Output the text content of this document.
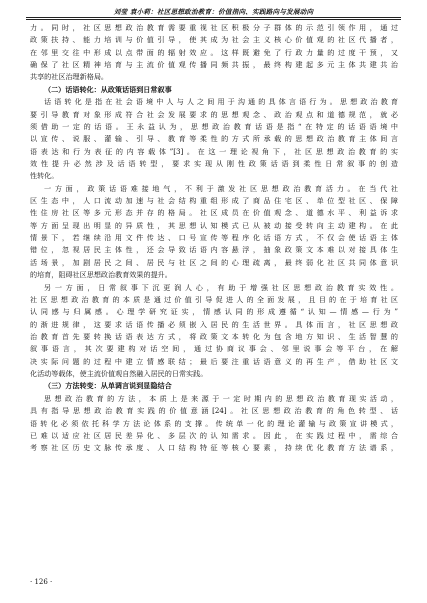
刘莹 袁小莉：社区思想政治教育：价值指向、实践路向与发展动向
力。同时，社区思想政治教育需要重视社区积极分子群体的示范引领作用，通过
政策扶持、能力培训与价值引导，使其成为社会主义核心价值观的社区代播者，
在邻里交往中形成以点带面的辐射效应。这样既避免了行政力量的过度干预，又
确保了社区精神培育与主流价值观传播同频共振，最终构建起多元主体共建共治
共享的社区治理新格局。
（二）话语转化：从政策话语到日常叙事
话语转化是指在社会语境中人与人之间用于沟通的具体言语行为。思想政治教育
要引导教育对象形成符合社会发展要求的思想观念、政治观点和道德规范，就必
须借助一定的话语。王永益认为，思想政治教育话语是指“在特定的话语语境中
以宣传、说服、灌输、引导、教育等柔性的方式所承载的思想政治教育主体间言
语表达和行为表征的内容载体”[3]。在这一理论视角下，社区思想政治教育的实
效性提升必然涉及话语转型，要求实现从刚性政策话语到柔性日常叙事的创造
性转化。
一方面，政策话语难接地气，不利于激发社区思想政治教育活力。在当代社
区生态中，人口流动加速与社会结构重组形成了商品住宅区、单位型社区、保障
性住房社区等多元形态并存的格局。社区成员在价值观念、道德水平、利益诉求
等方面呈现出明显的异质性，其思想认知模式已从被动接受转向主动建构。在此
情景下，若继续沿用文件传达、口号宣传等程序化话语方式，不仅会使话语主体
错位，忽视居民主体性，还会导致话语内容悬浮，抽象政策文本难以对接具体生
活场景，加剧居民之间、居民与社区之间的心理疏离，最终弱化社区共同体意识
的培育，阻碍社区思想政治教育效果的提升。
另一方面，日常叙事下沉更润人心，有助于增强社区思想政治教育实效性。
社区思想政治教育的本质是通过价值引导促进人的全面发展，且目的在于培育社区
认同感与归属感。心理学研究证实，情感认同的形成遵循“认知—情感—行为”
的渐进规律，这要求话语传播必须嵌入居民的生活世界。具体而言，社区思想政
治教育首先要转换话语表达方式，将政策文本转化为包含地方知识、生活智慧的
叙事语言，其次要建构对话空间，通过协商议事会、邻里说事会等平台，在解
决实际问题的过程中建立情感联结；最后要注重话语意义的再生产，借助社区文
化活动等载体，使主流价值观自然融入居民的日常实践。
（三）方法转变：从单调言说到显隐结合
思想政治教育的方法，本质上是来源于一定时期内的思想政治教育现实活动，
具有指导思想政治教育实践的价值意涵[24]。社区思想政治教育的角色转型、话
语转化必须依托科学方法论体系的支撑。传统单一化的理论灌输与政策宣讲模式，
已难以适应社区居民差异化、多层次的认知需求。因此，在实践过程中，需综合
考察社区历史文脉传承度、人口结构特征等核心要素，持续优化教育方法谱系，
· 126 ·
